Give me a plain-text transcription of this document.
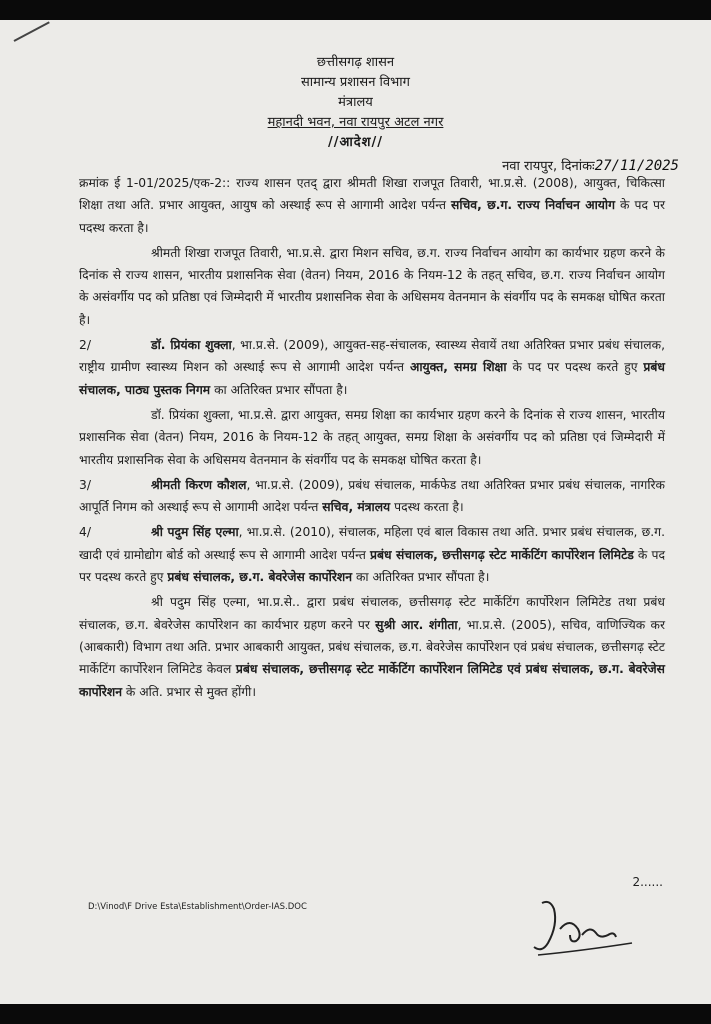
छत्तीसगढ़ शासन
सामान्य प्रशासन विभाग
मंत्रालय
महानदी भवन, नवा रायपुर अटल नगर
//आदेश//
नवा रायपुर, दिनांकः27/11/2025

क्रमांक ई 1-01/2025/एक-2:: राज्य शासन एतद् द्वारा श्रीमती शिखा राजपूत तिवारी, भा.प्र.से. (2008), आयुक्त, चिकित्सा शिक्षा तथा अति. प्रभार आयुक्त, आयुष को अस्थाई रूप से आगामी आदेश पर्यन्त सचिव, छ.ग. राज्य निर्वाचन आयोग के पद पर पदस्थ करता है।

श्रीमती शिखा राजपूत तिवारी, भा.प्र.से. द्वारा मिशन सचिव, छ.ग. राज्य निर्वाचन आयोग का कार्यभार ग्रहण करने के दिनांक से राज्य शासन, भारतीय प्रशासनिक सेवा (वेतन) नियम, 2016 के नियम-12 के तहत् सचिव, छ.ग. राज्य निर्वाचन आयोग के असंवर्गीय पद को प्रतिष्ठा एवं जिम्मेदारी में भारतीय प्रशासनिक सेवा के अधिसमय वेतनमान के संवर्गीय पद के समकक्ष घोषित करता है।

2/	डॉ. प्रियंका शुक्ला, भा.प्र.से. (2009), आयुक्त-सह-संचालक, स्वास्थ्य सेवायें तथा अतिरिक्त प्रभार प्रबंध संचालक, राष्ट्रीय ग्रामीण स्वास्थ्य मिशन को अस्थाई रूप से आगामी आदेश पर्यन्त आयुक्त, समग्र शिक्षा के पद पर पदस्थ करते हुए प्रबंध संचालक, पाठ्य पुस्तक निगम का अतिरिक्त प्रभार सौंपता है।

डॉ. प्रियंका शुक्ला, भा.प्र.से. द्वारा आयुक्त, समग्र शिक्षा का कार्यभार ग्रहण करने के दिनांक से राज्य शासन, भारतीय प्रशासनिक सेवा (वेतन) नियम, 2016 के नियम-12 के तहत् आयुक्त, समग्र शिक्षा के असंवर्गीय पद को प्रतिष्ठा एवं जिम्मेदारी में भारतीय प्रशासनिक सेवा के अधिसमय वेतनमान के संवर्गीय पद के समकक्ष घोषित करता है।

3/	श्रीमती किरण कौशल, भा.प्र.से. (2009), प्रबंध संचालक, मार्कफेड तथा अतिरिक्त प्रभार प्रबंध संचालक, नागरिक आपूर्ति निगम को अस्थाई रूप से आगामी आदेश पर्यन्त सचिव, मंत्रालय पदस्थ करता है।

4/	श्री पदुम सिंह एल्मा, भा.प्र.से. (2010), संचालक, महिला एवं बाल विकास तथा अति. प्रभार प्रबंध संचालक, छ.ग. खादी एवं ग्रामोद्योग बोर्ड को अस्थाई रूप से आगामी आदेश पर्यन्त प्रबंध संचालक, छत्तीसगढ़ स्टेट मार्केटिंग कार्पोरेशन लिमिटेड के पद पर पदस्थ करते हुए प्रबंध संचालक, छ.ग. बेवरेजेस कार्पोरेशन का अतिरिक्त प्रभार सौंपता है।

श्री पदुम सिंह एल्मा, भा.प्र.से.. द्वारा प्रबंध संचालक, छत्तीसगढ़ स्टेट मार्केटिंग कार्पोरेशन लिमिटेड तथा प्रबंध संचालक, छ.ग. बेवरेजेस कार्पोरेशन का कार्यभार ग्रहण करने पर सुश्री आर. शंगीता, भा.प्र.से. (2005), सचिव, वाणिज्यिक कर (आबकारी) विभाग तथा अति. प्रभार आबकारी आयुक्त, प्रबंध संचालक, छ.ग. बेवरेजेस कार्पोरेशन एवं प्रबंध संचालक, छत्तीसगढ़ स्टेट मार्केटिंग कार्पोरेशन लिमिटेड केवल प्रबंध संचालक, छत्तीसगढ़ स्टेट मार्केटिंग कार्पोरेशन लिमिटेड एवं प्रबंध संचालक, छ.ग. बेवरेजेस कार्पोरेशन के अति. प्रभार से मुक्त होंगी।

2......
D:\Vinod\F Drive Esta\Establishment\Order-IAS.DOC
